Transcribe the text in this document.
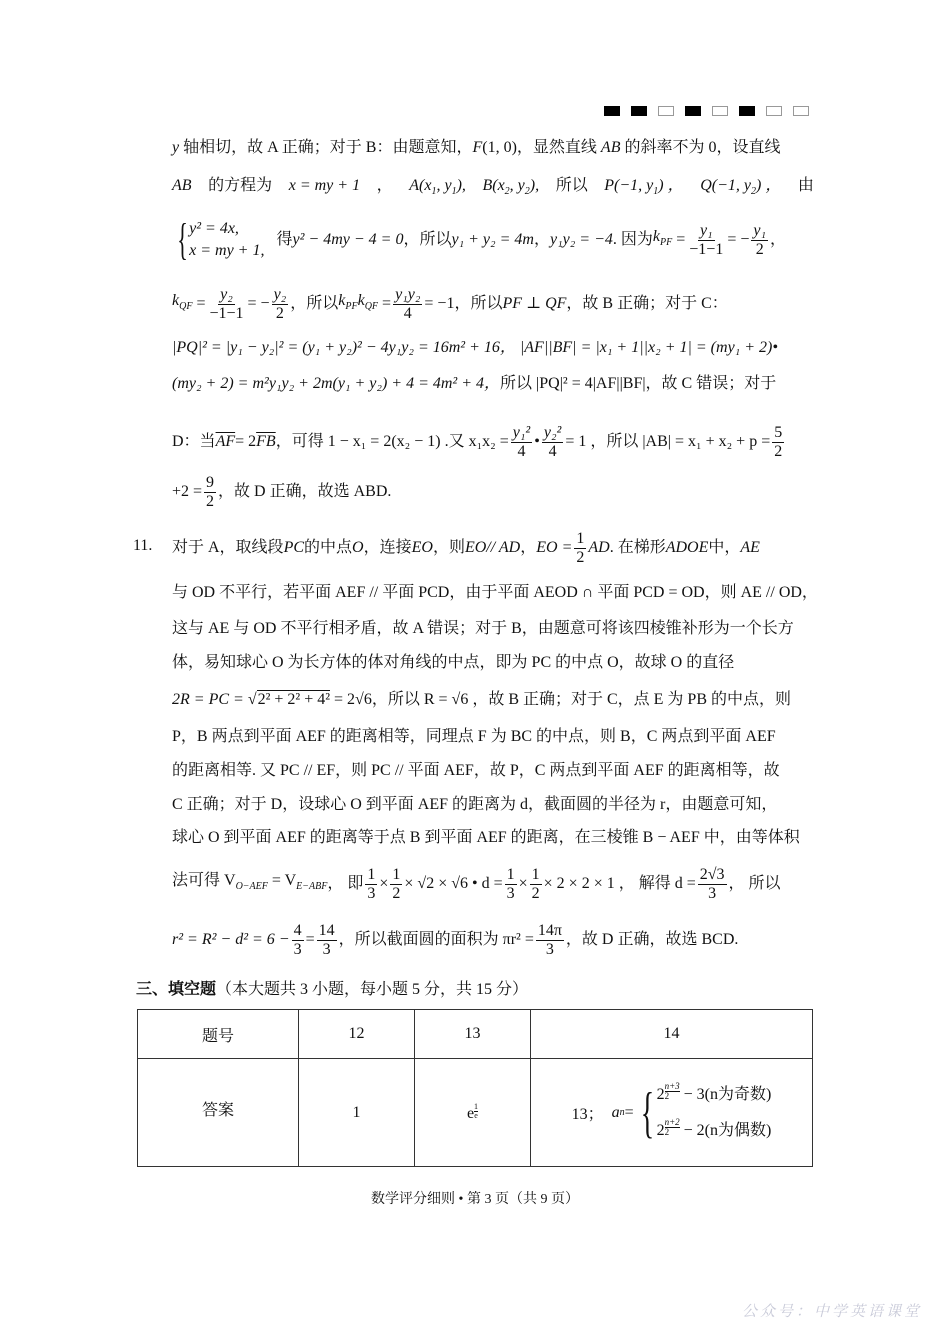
y 轴相切，故 A 正确；对于 B：由题意知，F(1, 0)，显然直线 AB 的斜率不为 0，设直线
AB 的方程为 x = my + 1 ， $A(x_1$, $y_1$), $B(x_2$, $y_2$), 所以 P(−1, $y_1$) ， Q(−1, $y_2$) ， 由
{ y² = 4x,
x = my + 1,
得 y² − 4my − 4 = 0 ，所以 y₁ + y₂ = 4m ， y₁y₂ = −4 . 因为 $k_{PF} = \frac{\text{y₁}}{-1-1}$ = − $\frac{\text{y₁}}{2}$ ，
$k_{QF} = \frac{\text{y₂}}{-1-1}$ = − $\frac{\text{y₂}}{2}$ ，所以 $k_{PF}k_{QF} = \frac{\text{y₁y₂}}{4} = -1$ ，所以 PF ⊥ QF ，故 B 正确；对于 C：
|PQ|² = |y₁ − y₂|² = (y₁ + y₂)² − 4y₁y₂ = 16m² + 16， |AF||BF| = |x₁ + 1||x₂ + 1| = (my₁ + 2)•
(my₂ + 2) = m²y₁y₂ + 2m(y₁ + y₂) + 4 = 4m² + 4，所以 |PQ|² = 4|AF||BF|，故 C 错误；对于
D：当 $\overline{AF} = 2$ $\overline{FB}$ ，可得 1 − x₁ = 2(x₂ − 1) .又 $x_1x_2 = \frac{\text{y₁²}}{4}$ • $\frac{\text{y₂²}}{4} = 1$ ，所以 $|AB| = x_1 + x_2 + p = \frac{5}{2}$
$+2 = \frac{9}{2}$ ，故 D 正确，故选 ABD.
11. 对于 A，取线段 PC 的中点 O ，连接 EO ，则 EO// AD ， EO = $\frac{1}{2}$ AD . 在梯形 ADOE 中， AE
与 OD 不平行，若平面 AEF // 平面 PCD，由于平面 AEOD ∩ 平面 PCD = OD，则 AE // OD，
这与 AE 与 OD 不平行相矛盾，故 A 错误；对于 B，由题意可将该四棱锥补形为一个长方
体，易知球心 O 为长方体的体对角线的中点，即为 PC 的中点 O，故球 O 的直径
2R = PC = √2² + 2² + 4² = 2√6，所以 R = √6 ，故 B 正确；对于 C，点 E 为 PB 的中点，则
P，B 两点到平面 AEF 的距离相等，同理点 F 为 BC 的中点，则 B，C 两点到平面 AEF
的距离相等. 又 PC // EF，则 PC // 平面 AEF，故 P，C 两点到平面 AEF 的距离相等，故
C 正确；对于 D，设球心 O 到平面 AEF 的距离为 d，截面圆的半径为 r，由题意可知，
球心 O 到平面 AEF 的距离等于点 B 到平面 AEF 的距离，在三棱锥 B − AEF 中，由等体积
法可得 $V_{O-AEF} = V_{E-ABF}$ ， 即 $\frac{1}{3} \times \frac{1}{2} \times √2 \times √6$ • $d = \frac{1}{3} \times \frac{1}{2} \times 2 \times 2 \times 1$ ， 解得 $d = \frac{2√3}{3}$ ， 所以
$r^2 = R^2 - d^2 = 6 - \frac{4}{3} = \frac{14}{3}$ ，所以截面圆的面积为 $\pi r^2 = \frac{14\pi}{3}$ ，故 D 正确，故选 BCD.
三、填空题（本大题共 3 小题，每小题 5 分，共 15 分）
题号	12	13	14
答案	1	e $^{\frac{1}{e}}$	13；
a n = { 2 $^{\frac{n+3}{2}}$ − 3(n为奇数)
2 $^{\frac{n+2}{2}}$ − 2(n为偶数)
数学评分细则 • 第 3 页（共 9 页）
公众号：中学英语课堂
